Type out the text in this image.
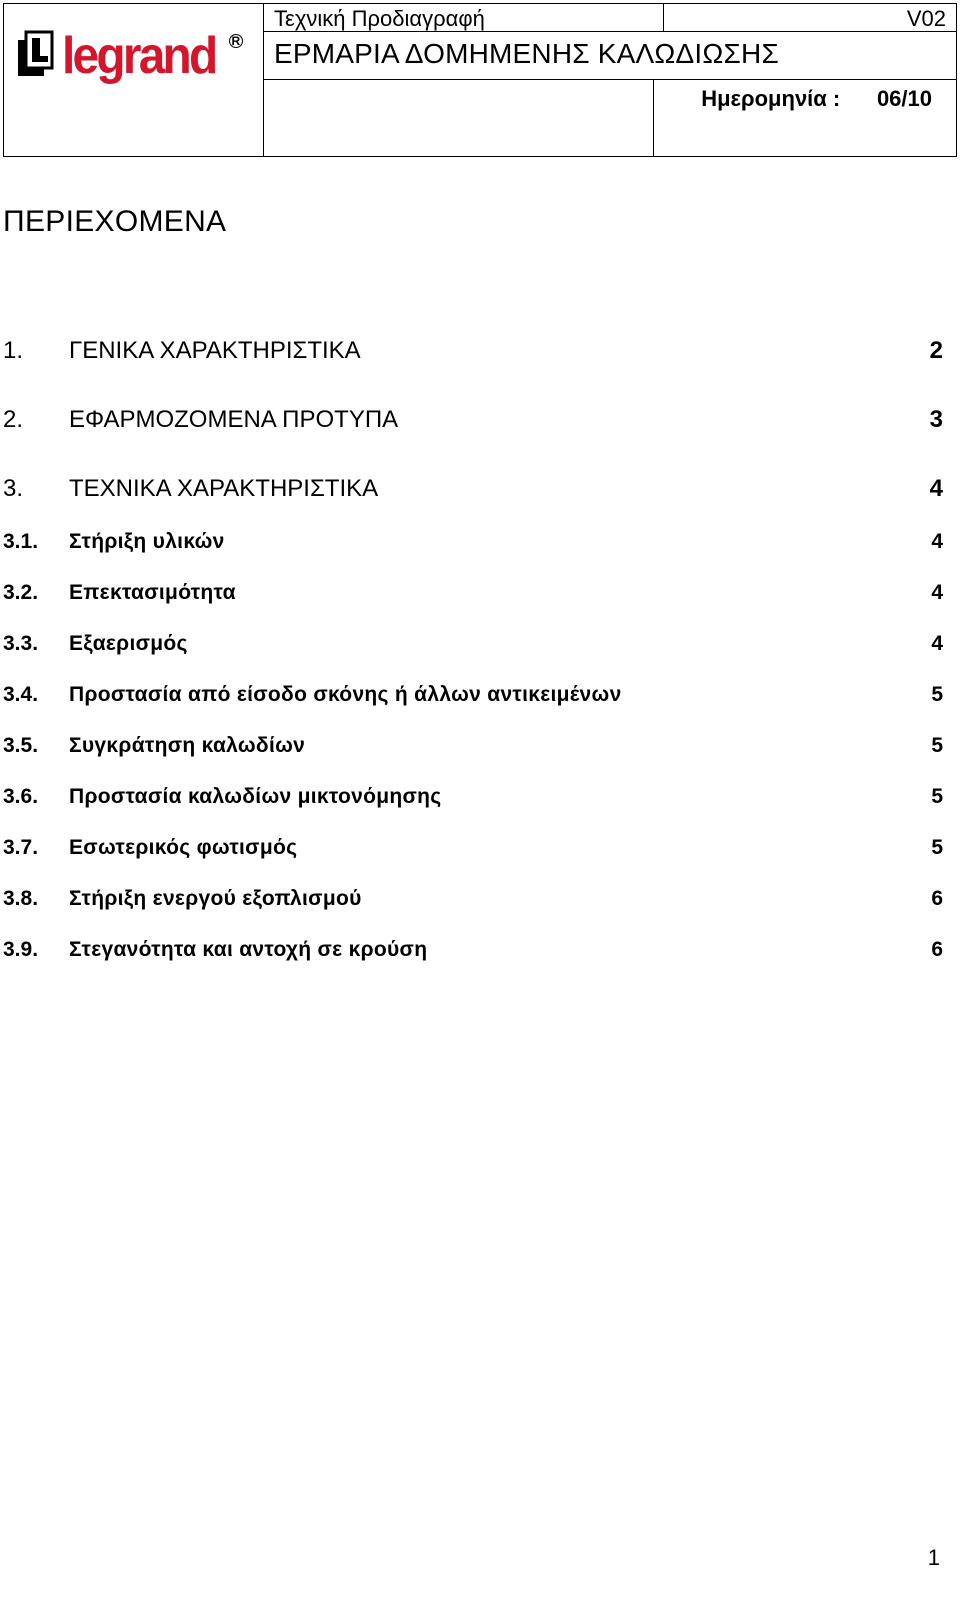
legrand R
Τεχνική Προδιαγραφή	V02
ΕΡΜΑΡΙΑ ΔΟΜΗΜΕΝΗΣ ΚΑΛΩΔΙΩΣΗΣ
Ημερομηνία : 06/10
ΠΕΡΙΕΧΟΜΕΝΑ
1. ΓΕΝΙΚΑ ΧΑΡΑΚΤΗΡΙΣΤΙΚΑ	2
2. ΕΦΑΡΜΟΖΟΜΕΝΑ ΠΡΟΤΥΠΑ	3
3. ΤΕΧΝΙΚΑ ΧΑΡΑΚΤΗΡΙΣΤΙΚΑ	4
3.1. Στήριξη υλικών	4
3.2. Επεκτασιμότητα	4
3.3. Εξαερισμός	4
3.4. Προστασία από είσοδο σκόνης ή άλλων αντικειμένων	5
3.5. Συγκράτηση καλωδίων	5
3.6. Προστασία καλωδίων μικτονόμησης	5
3.7. Εσωτερικός φωτισμός	5
3.8. Στήριξη ενεργού εξοπλισμού	6
3.9. Στεγανότητα και αντοχή σε κρούση	6
1
